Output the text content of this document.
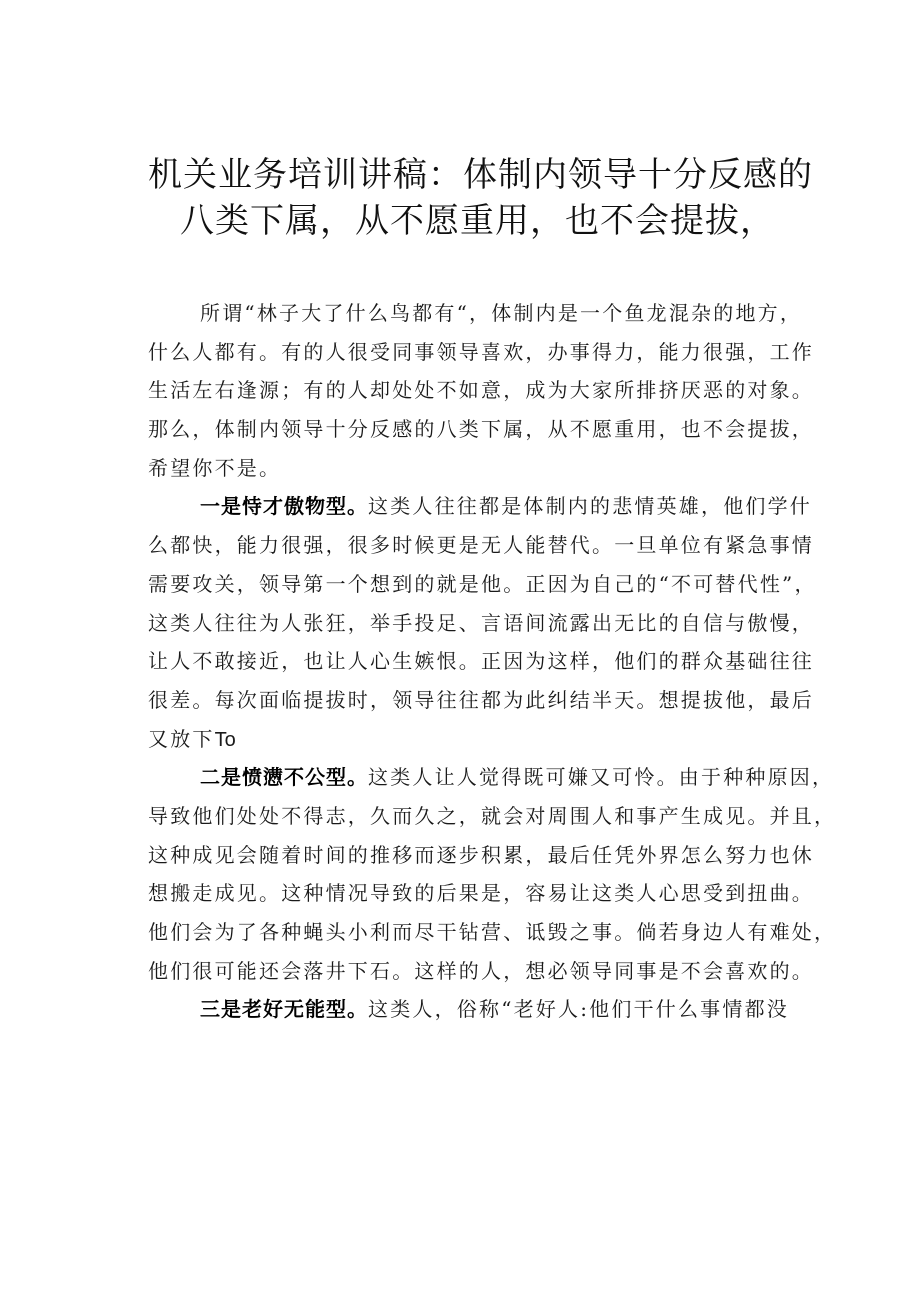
机关业务培训讲稿：体制内领导十分反感的
八类下属，从不愿重用，也不会提拔，
所谓“林子大了什么鸟都有“，体制内是一个鱼龙混杂的地方，
什么人都有。有的人很受同事领导喜欢，办事得力，能力很强，工作
生活左右逢源；有的人却处处不如意，成为大家所排挤厌恶的对象。
那么，体制内领导十分反感的八类下属，从不愿重用，也不会提拔，
希望你不是。
一是恃才傲物型。这类人往往都是体制内的悲情英雄，他们学什
么都快，能力很强，很多时候更是无人能替代。一旦单位有紧急事情
需要攻关，领导第一个想到的就是他。正因为自己的“不可替代性”，
这类人往往为人张狂，举手投足、言语间流露出无比的自信与傲慢，
让人不敢接近，也让人心生嫉恨。正因为这样，他们的群众基础往往
很差。每次面临提拔时，领导往往都为此纠结半天。想提拔他，最后
又放下To
二是愤懑不公型。这类人让人觉得既可嫌又可怜。由于种种原因，
导致他们处处不得志，久而久之，就会对周围人和事产生成见。并且，
这种成见会随着时间的推移而逐步积累，最后任凭外界怎么努力也休
想搬走成见。这种情况导致的后果是，容易让这类人心思受到扭曲。
他们会为了各种蝇头小利而尽干钻营、诋毁之事。倘若身边人有难处，
他们很可能还会落井下石。这样的人，想必领导同事是不会喜欢的。
三是老好无能型。这类人，俗称“老好人:他们干什么事情都没
